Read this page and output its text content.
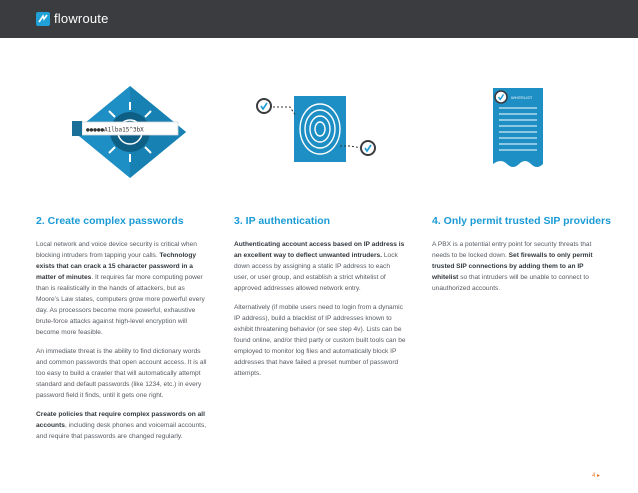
flowroute
●●●●●A1lba15^3bX
WHITELIST
2. Create complex passwords

Local network and voice device security is critical when blocking intruders from tapping your calls. Technology exists that can crack a 15 character password in a matter of minutes. It requires far more computing power than is realistically in the hands of attackers, but as Moore’s Law states, computers grow more powerful every day. As processors become more powerful, exhaustive brute-force attacks against high-level encryption will become more feasible.

An immediate threat is the ability to find dictionary words and common passwords that open account access. It is all too easy to build a crawler that will automatically attempt standard and default passwords (like 1234, etc.) in every password field it finds, until it gets one right.

Create policies that require complex passwords on all accounts, including desk phones and voicemail accounts, and require that passwords are changed regularly.

3. IP authentication

Authenticating account access based on IP address is an excellent way to deflect unwanted intruders. Lock down access by assigning a static IP address to each user, or user group, and establish a strict whitelist of approved addresses allowed network entry.

Alternatively (if mobile users need to login from a dynamic IP address), build a blacklist of IP addresses known to exhibit threatening behavior (or see step 4v). Lists can be found online, and/or third party or custom built tools can be employed to monitor log files and automatically block IP addresses that have failed a preset number of password attempts.

4. Only permit trusted SIP providers

A PBX is a potential entry point for security threats that needs to be locked down. Set firewalls to only permit trusted SIP connections by adding them to an IP whitelist so that intruders will be unable to connect to unauthorized accounts.

4 ▸
